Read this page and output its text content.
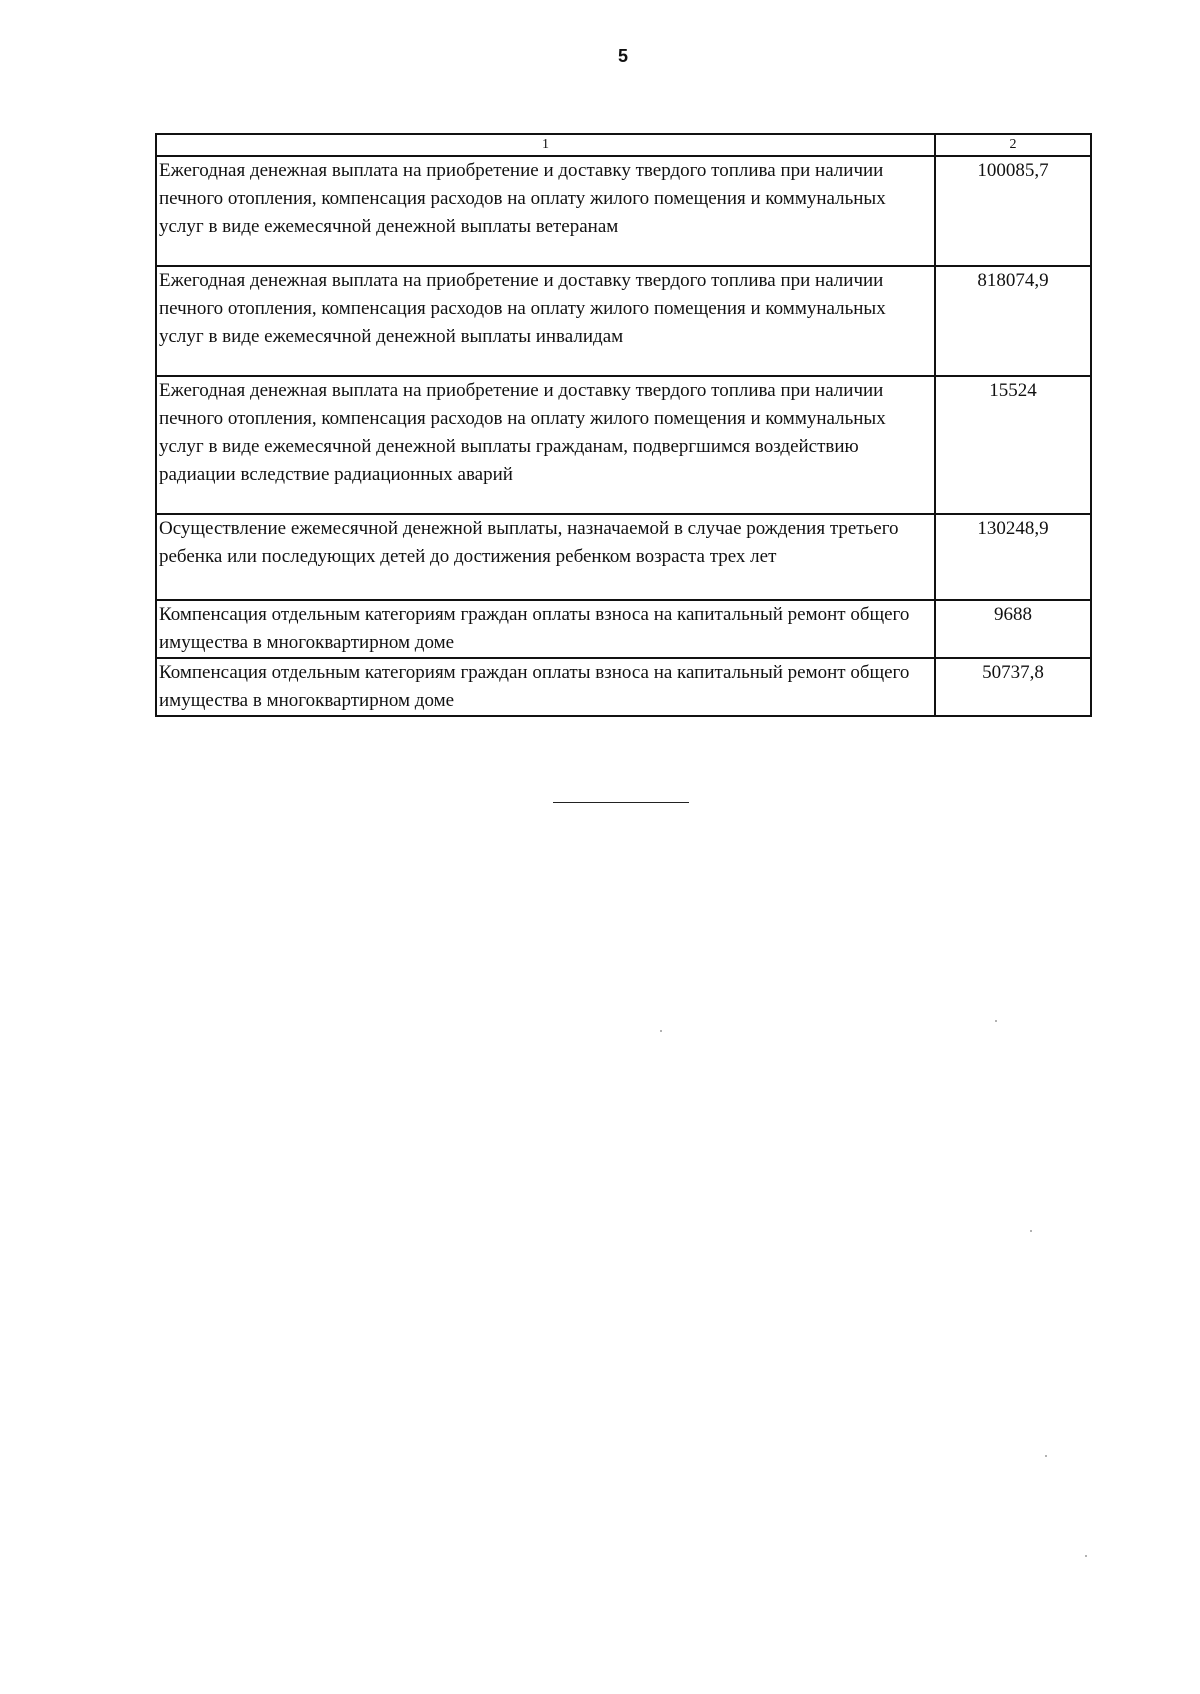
5
1	2
Ежегодная денежная выплата на приобретение и доставку твердого топлива при наличии печного отопления, компенсация расходов на оплату жилого помещения и коммунальных услуг в виде ежемесячной денежной выплаты ветеранам	100085,7
Ежегодная денежная выплата на приобретение и доставку твердого топлива при наличии печного отопления, компенсация расходов на оплату жилого помещения и коммунальных услуг в виде ежемесячной денежной выплаты инвалидам	818074,9
Ежегодная денежная выплата на приобретение и доставку твердого топлива при наличии печного отопления, компенсация расходов на оплату жилого помещения и коммунальных услуг в виде ежемесячной денежной выплаты гражданам, подвергшимся воздействию радиации вследствие радиационных аварий	15524
Осуществление ежемесячной денежной выплаты, назначаемой в случае рождения третьего ребенка или последующих детей до достижения ребенком возраста трех лет	130248,9
Компенсация отдельным категориям граждан оплаты взноса на капитальный ремонт общего имущества в многоквартирном доме	9688
Компенсация отдельным категориям граждан оплаты взноса на капитальный ремонт общего имущества в многоквартирном доме	50737,8
